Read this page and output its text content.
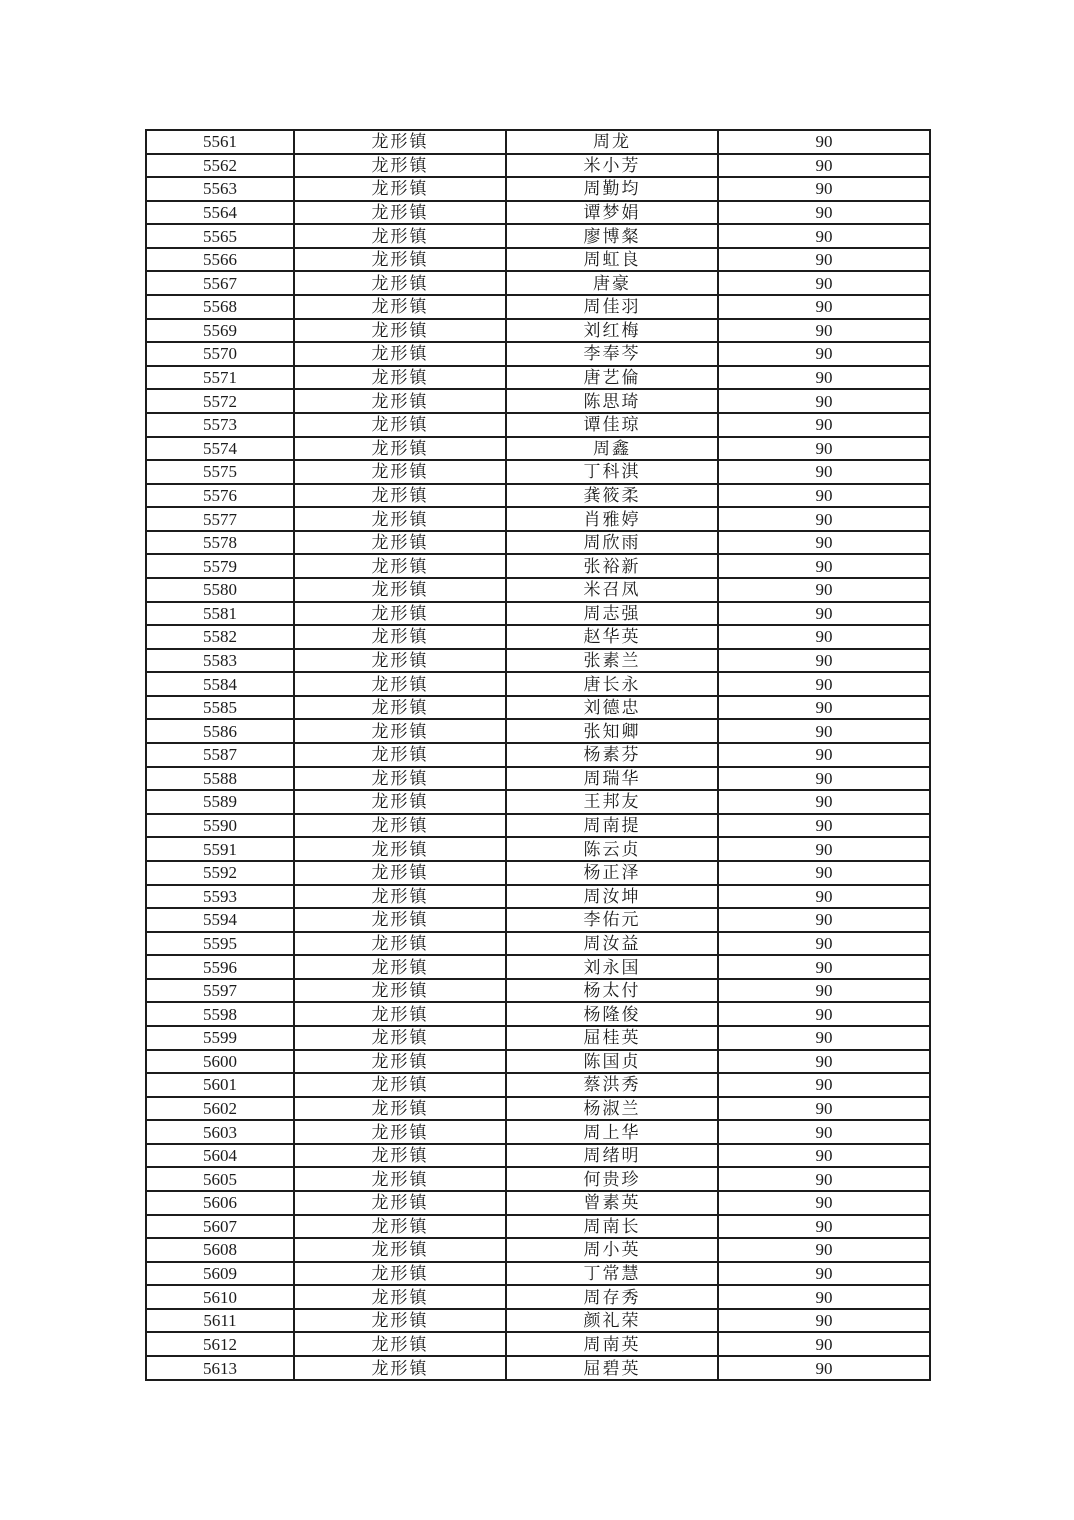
5561	龙形镇	周龙	90
5562	龙形镇	米小芳	90
5563	龙形镇	周勤均	90
5564	龙形镇	谭梦娟	90
5565	龙形镇	廖博粲	90
5566	龙形镇	周虹良	90
5567	龙形镇	唐豪	90
5568	龙形镇	周佳羽	90
5569	龙形镇	刘红梅	90
5570	龙形镇	李奉芩	90
5571	龙形镇	唐艺倫	90
5572	龙形镇	陈思琦	90
5573	龙形镇	谭佳琼	90
5574	龙形镇	周鑫	90
5575	龙形镇	丁科淇	90
5576	龙形镇	龚筱柔	90
5577	龙形镇	肖雅婷	90
5578	龙形镇	周欣雨	90
5579	龙形镇	张裕新	90
5580	龙形镇	米召凤	90
5581	龙形镇	周志强	90
5582	龙形镇	赵华英	90
5583	龙形镇	张素兰	90
5584	龙形镇	唐长永	90
5585	龙形镇	刘德忠	90
5586	龙形镇	张知卿	90
5587	龙形镇	杨素芬	90
5588	龙形镇	周瑞华	90
5589	龙形镇	王邦友	90
5590	龙形镇	周南提	90
5591	龙形镇	陈云贞	90
5592	龙形镇	杨正泽	90
5593	龙形镇	周汝坤	90
5594	龙形镇	李佑元	90
5595	龙形镇	周汝益	90
5596	龙形镇	刘永国	90
5597	龙形镇	杨太付	90
5598	龙形镇	杨隆俊	90
5599	龙形镇	屈桂英	90
5600	龙形镇	陈国贞	90
5601	龙形镇	蔡洪秀	90
5602	龙形镇	杨淑兰	90
5603	龙形镇	周上华	90
5604	龙形镇	周绪明	90
5605	龙形镇	何贵珍	90
5606	龙形镇	曾素英	90
5607	龙形镇	周南长	90
5608	龙形镇	周小英	90
5609	龙形镇	丁常慧	90
5610	龙形镇	周存秀	90
5611	龙形镇	颜礼荣	90
5612	龙形镇	周南英	90
5613	龙形镇	屈碧英	90
